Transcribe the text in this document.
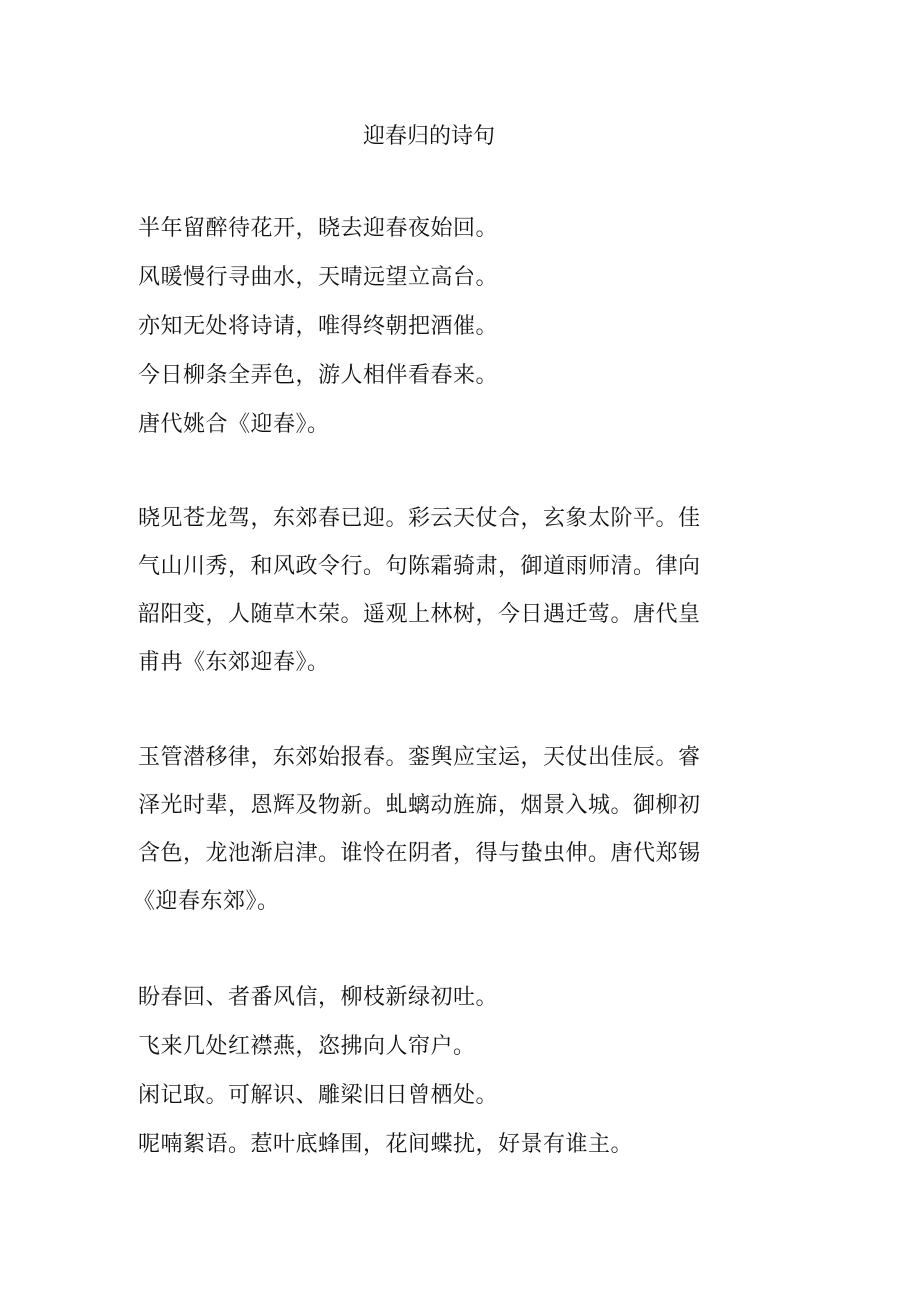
迎春归的诗句
半年留醉待花开，晓去迎春夜始回。
风暖慢行寻曲水，天晴远望立高台。
亦知无处将诗请，唯得终朝把酒催。
今日柳条全弄色，游人相伴看春来。
唐代姚合《迎春》。
晓见苍龙驾，东郊春已迎。彩云天仗合，玄象太阶平。佳
气山川秀，和风政令行。句陈霜骑肃，御道雨师清。律向
韶阳变，人随草木荣。遥观上林树，今日遇迁莺。唐代皇
甫冉《东郊迎春》。
玉管潜移律，东郊始报春。銮舆应宝运，天仗出佳辰。睿
泽光时辈，恩辉及物新。虬螭动旌旆，烟景入城。御柳初
含色，龙池渐启津。谁怜在阴者，得与蛰虫伸。唐代郑锡
《迎春东郊》。
盼春回、者番风信，柳枝新绿初吐。
飞来几处红襟燕，恣拂向人帘户。
闲记取。可解识、雕梁旧日曾栖处。
呢喃絮语。惹叶底蜂围，花间蝶扰，好景有谁主。
